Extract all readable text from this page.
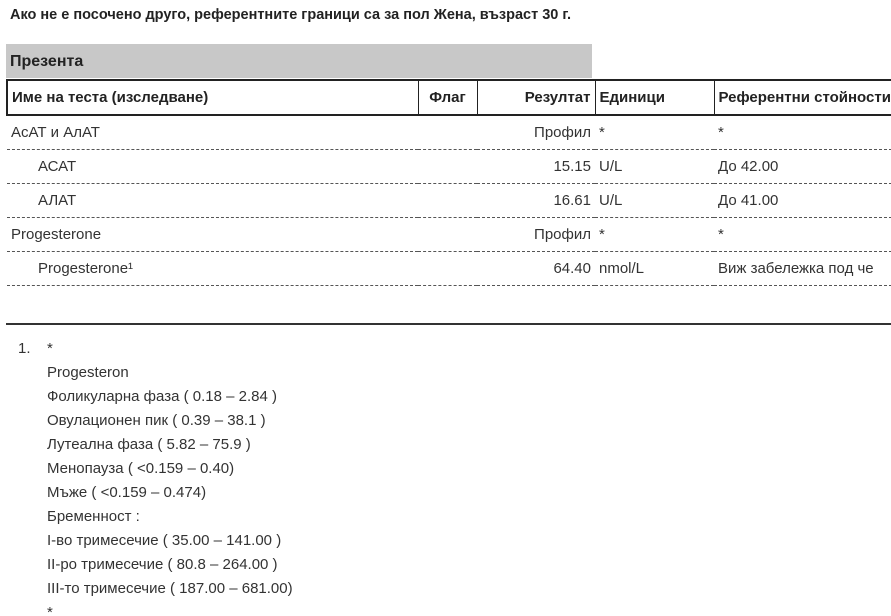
Ако не е посочено друго, референтните граници са за пол Жена, възраст 30 г.
Презента
Име на теста (изследване)	Флаг	Резултат	Единици	Референтни стойности
АсАТ и АлАТ		Профил	*	*
АСАТ		15.15	U/L	До 42.00
АЛАТ		16.61	U/L	До 41.00
Progesterone		Профил	*	*
Progesterone¹		64.40	nmol/L	Виж забележка под че
1. *
Progesteron
Фоликуларна фаза ( 0.18 – 2.84 )
Овулационен пик ( 0.39 – 38.1 )
Лутеална фаза ( 5.82 – 75.9 )
Менопауза ( <0.159 – 0.40)
Мъже ( <0.159 – 0.474)
Бременност :
I-во тримесечие ( 35.00 – 141.00 )
II-ро тримесечие ( 80.8 – 264.00 )
III-то тримесечие ( 187.00 – 681.00)
*
